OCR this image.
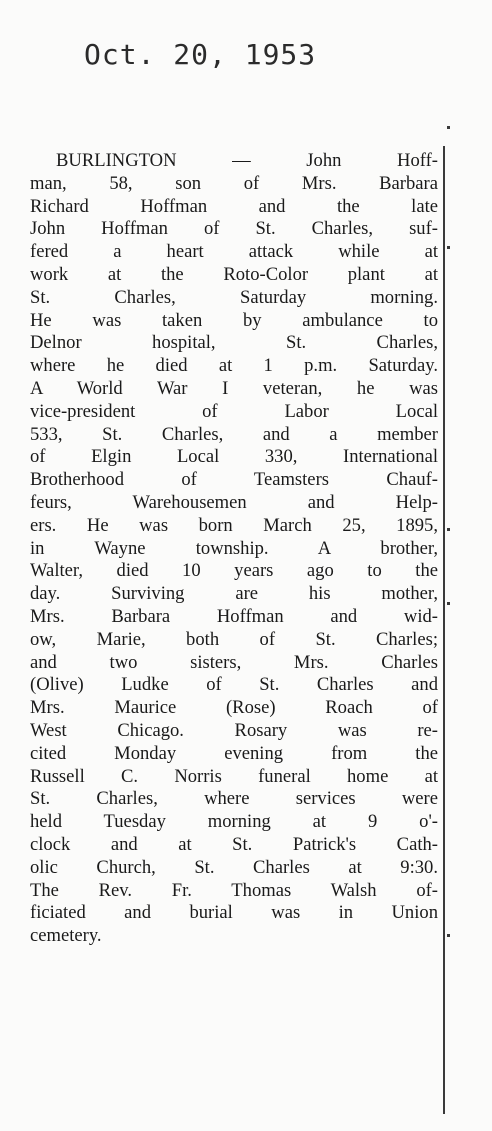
Oct. 20, 1953
BURLINGTON — John Hoff-
man, 58, son of Mrs. Barbara
Richard Hoffman and the late
John Hoffman of St. Charles, suf-
fered a heart attack while at
work at the Roto-Color plant at
St. Charles, Saturday morning.
He was taken by ambulance to
Delnor hospital, St. Charles,
where he died at 1 p.m. Saturday.
A World War I veteran, he was
vice-president of Labor Local
533, St. Charles, and a member
of Elgin Local 330, International
Brotherhood of Teamsters Chauf-
feurs, Warehousemen and Help-
ers. He was born March 25, 1895,
in Wayne township. A brother,
Walter, died 10 years ago to the
day. Surviving are his mother,
Mrs. Barbara Hoffman and wid-
ow, Marie, both of St. Charles;
and two sisters, Mrs. Charles
(Olive) Ludke of St. Charles and
Mrs. Maurice (Rose) Roach of
West Chicago. Rosary was re-
cited Monday evening from the
Russell C. Norris funeral home at
St. Charles, where services were
held Tuesday morning at 9 o'-
clock and at St. Patrick's Cath-
olic Church, St. Charles at 9:30.
The Rev. Fr. Thomas Walsh of-
ficiated and burial was in Union
cemetery.
